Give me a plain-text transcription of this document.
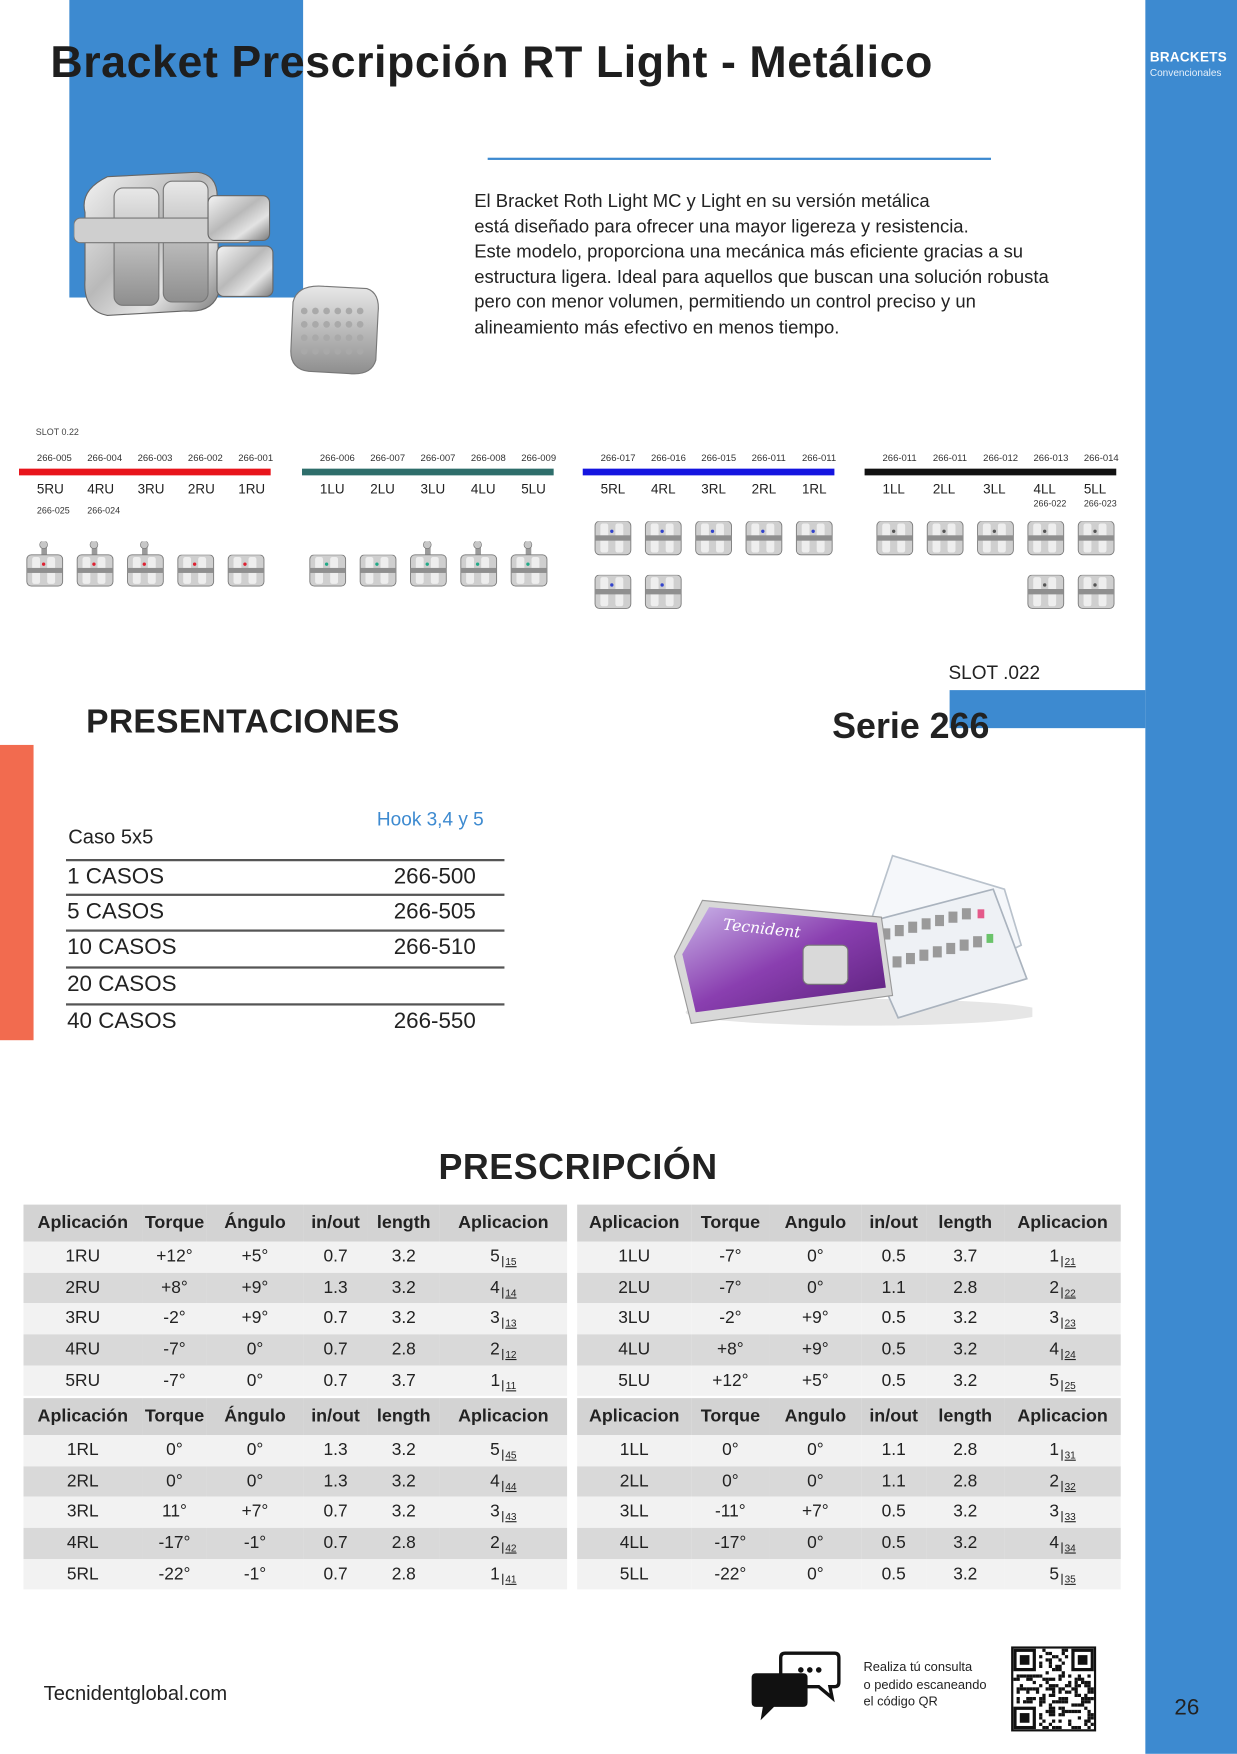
BRACKETS
Convencionales
26
Bracket Prescripción RT Light - Metálico
El Bracket Roth Light MC y Light en su versión metálica
está diseñado para ofrecer una mayor ligereza y resistencia.
Este modelo, proporciona una mecánica más eficiente gracias a su
estructura ligera. Ideal para aquellos que buscan una solución robusta
pero con menor volumen, permitiendo un control preciso y un
alineamiento más efectivo en menos tiempo.
SLOT 0.22
266-005 266-004 266-003 266-002 266-001
5RU 4RU 3RU 2RU 1RU
266-025 266-024
266-006 266-007 266-007 266-008 266-009
1LU 2LU 3LU 4LU 5LU
266-017 266-016 266-015 266-011 266-011
5RL 4RL 3RL 2RL 1RL
266-011 266-011 266-012 266-013 266-014
1LL 2LL 3LL 4LL 5LL
266-022 266-023
SLOT .022
Serie 266
PRESENTACIONES
Hook 3,4 y 5
Caso 5x5
1 CASOS	266-500
5 CASOS	266-505
10 CASOS	266-510
20 CASOS
40 CASOS	266-550
Tecnident
PRESCRIPCIÓN
Aplicación	Torque	Ángulo	in/out	length	Aplicacion
1RU	+12°	+5°	0.7	3.2	5 $_{15}$
2RU	+8°	+9°	1.3	3.2	4 $_{14}$
3RU	-2°	+9°	0.7	3.2	3 $_{13}$
4RU	-7°	0°	0.7	2.8	2 $_{12}$
5RU	-7°	0°	0.7	3.7	1 $_{11}$
Aplicacion	Torque	Angulo	in/out	length	Aplicacion
1LU	-7°	0°	0.5	3.7	1 $_{21}$
2LU	-7°	0°	1.1	2.8	2 $_{22}$
3LU	-2°	+9°	0.5	3.2	3 $_{23}$
4LU	+8°	+9°	0.5	3.2	4 $_{24}$
5LU	+12°	+5°	0.5	3.2	5 $_{25}$
Aplicación	Torque	Ángulo	in/out	length	Aplicacion
1RL	0°	0°	1.3	3.2	5 $_{45}$
2RL	0°	0°	1.3	3.2	4 $_{44}$
3RL	11°	+7°	0.7	3.2	3 $_{43}$
4RL	-17°	-1°	0.7	2.8	2 $_{42}$
5RL	-22°	-1°	0.7	2.8	1 $_{41}$
Aplicacion	Torque	Angulo	in/out	length	Aplicacion
1LL	0°	0°	1.1	2.8	1 $_{31}$
2LL	0°	0°	1.1	2.8	2 $_{32}$
3LL	-11°	+7°	0.5	3.2	3 $_{33}$
4LL	-17°	0°	0.5	3.2	4 $_{34}$
5LL	-22°	0°	0.5	3.2	5 $_{35}$
Tecnidentglobal.com
Realiza tú consulta
o pedido escaneando
el código QR
